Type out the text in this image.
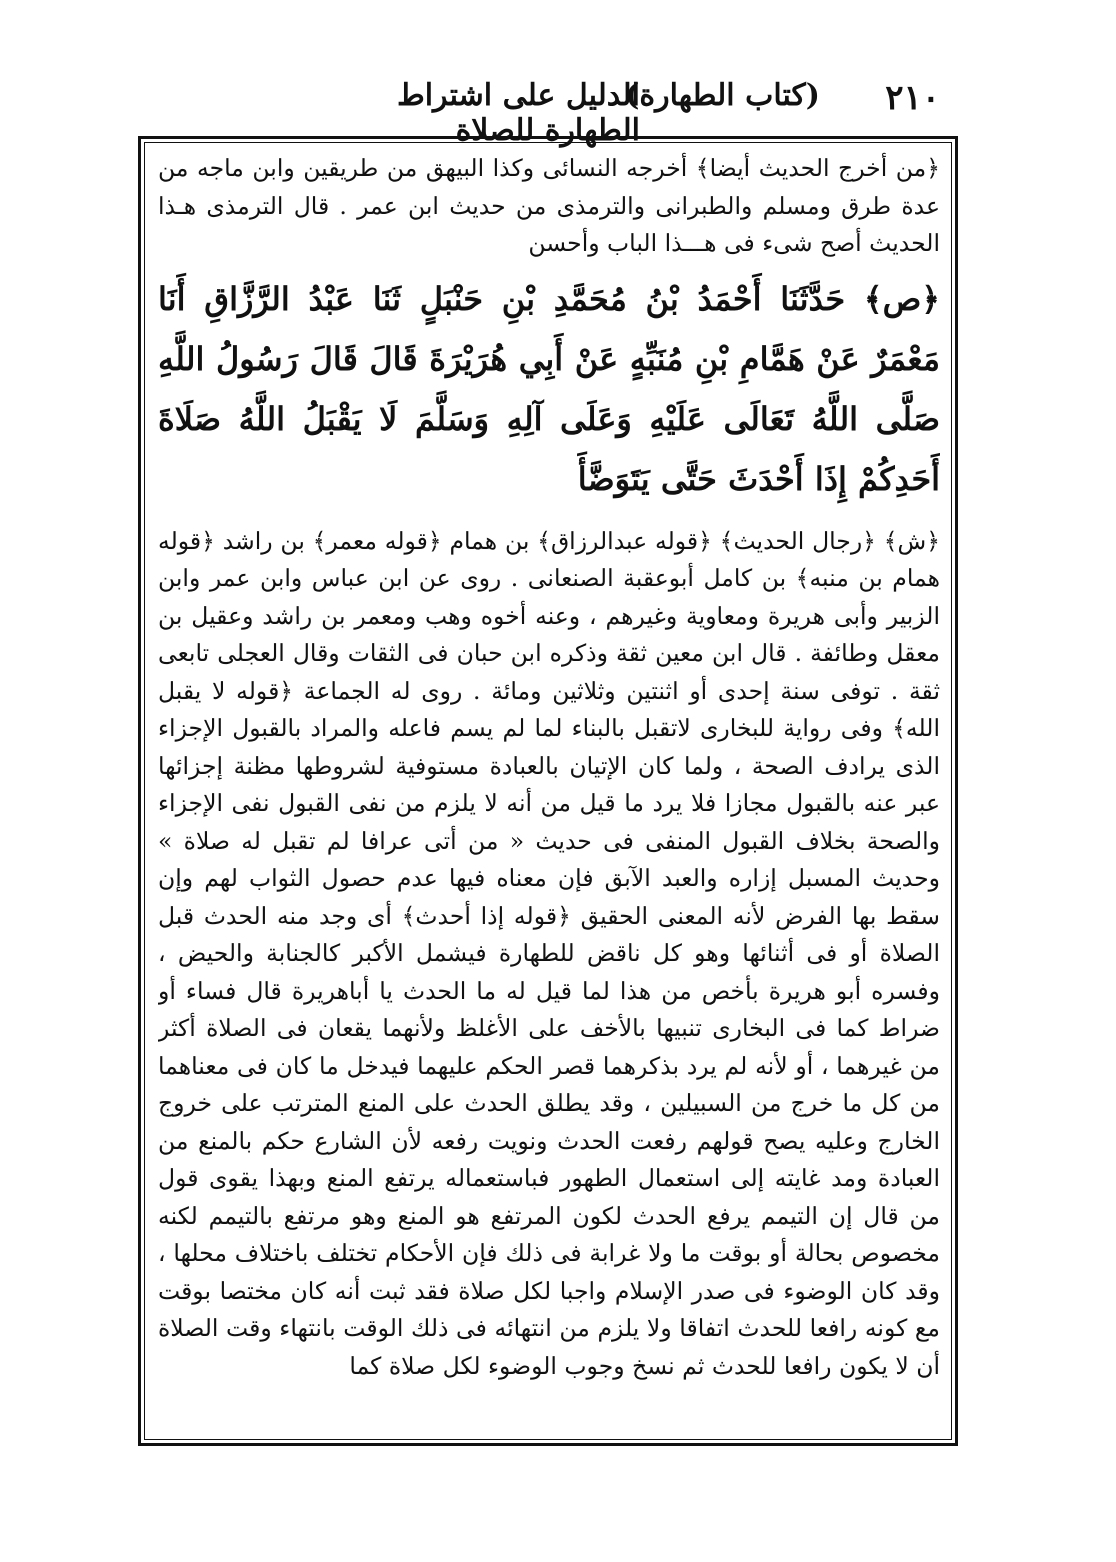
٢١٠
(كتاب الطهارة)
الدليل على اشتراط الطهارة للصلاة

﴿من أخرج الحديث أيضا﴾ أخرجه النسائى وكذا البيهق من طريقين وابن ماجه من عدة طرق ومسلم والطبرانى والترمذى من حديث ابن عمر . قال الترمذى هـذا الحديث أصح شىء فى هـــذا الباب وأحسن

﴿ص﴾ حَدَّثَنَا أَحْمَدُ بْنُ مُحَمَّدِ بْنِ حَنْبَلٍ ثَنَا عَبْدُ الرَّزَّاقِ أَنَا مَعْمَرٌ عَنْ هَمَّامِ بْنِ مُنَبِّهٍ عَنْ أَبِي هُرَيْرَةَ قَالَ قَالَ رَسُولُ اللَّهِ صَلَّى اللَّهُ تَعَالَى عَلَيْهِ وَعَلَى آلِهِ وَسَلَّمَ لَا يَقْبَلُ اللَّهُ صَلَاةَ أَحَدِكُمْ إِذَا أَحْدَثَ حَتَّى يَتَوَضَّأَ

﴿ش﴾ ﴿رجال الحديث﴾ ﴿قوله عبدالرزاق﴾ بن همام ﴿قوله معمر﴾ بن راشد ﴿قوله همام بن منبه﴾ بن كامل أبوعقبة الصنعانى . روى عن ابن عباس وابن عمر وابن الزبير وأبى هريرة ومعاوية وغيرهم ، وعنه أخوه وهب ومعمر بن راشد وعقيل بن معقل وطائفة . قال ابن معين ثقة وذكره ابن حبان فى الثقات وقال العجلى تابعى ثقة . توفى سنة إحدى أو اثنتين وثلاثين ومائة . روى له الجماعة ﴿قوله لا يقبل الله﴾ وفى رواية للبخارى لاتقبل بالبناء لما لم يسم فاعله والمراد بالقبول الإجزاء الذى يرادف الصحة ، ولما كان الإتيان بالعبادة مستوفية لشروطها مظنة إجزائها عبر عنه بالقبول مجازا فلا يرد ما قيل من أنه لا يلزم من نفى القبول نفى الإجزاء والصحة بخلاف القبول المنفى فى حديث « من أتى عرافا لم تقبل له صلاة » وحديث المسبل إزاره والعبد الآبق فإن معناه فيها عدم حصول الثواب لهم وإن سقط بها الفرض لأنه المعنى الحقيق ﴿قوله إذا أحدث﴾ أى وجد منه الحدث قبل الصلاة أو فى أثنائها وهو كل ناقض للطهارة فيشمل الأكبر كالجنابة والحيض ، وفسره أبو هريرة بأخص من هذا لما قيل له ما الحدث يا أباهريرة قال فساء أو ضراط كما فى البخارى تنبيها بالأخف على الأغلظ ولأنهما يقعان فى الصلاة أكثر من غيرهما ، أو لأنه لم يرد بذكرهما قصر الحكم عليهما فيدخل ما كان فى معناهما من كل ما خرج من السبيلين ، وقد يطلق الحدث على المنع المترتب على خروج الخارج وعليه يصح قولهم رفعت الحدث ونويت رفعه لأن الشارع حكم بالمنع من العبادة ومد غايته إلى استعمال الطهور فباستعماله يرتفع المنع وبهذا يقوى قول من قال إن التيمم يرفع الحدث لكون المرتفع هو المنع وهو مرتفع بالتيمم لكنه مخصوص بحالة أو بوقت ما ولا غرابة فى ذلك فإن الأحكام تختلف باختلاف محلها ، وقد كان الوضوء فى صدر الإسلام واجبا لكل صلاة فقد ثبت أنه كان مختصا بوقت مع كونه رافعا للحدث اتفاقا ولا يلزم من انتهائه فى ذلك الوقت بانتهاء وقت الصلاة أن لا يكون رافعا للحدث ثم نسخ وجوب الوضوء لكل صلاة كما
